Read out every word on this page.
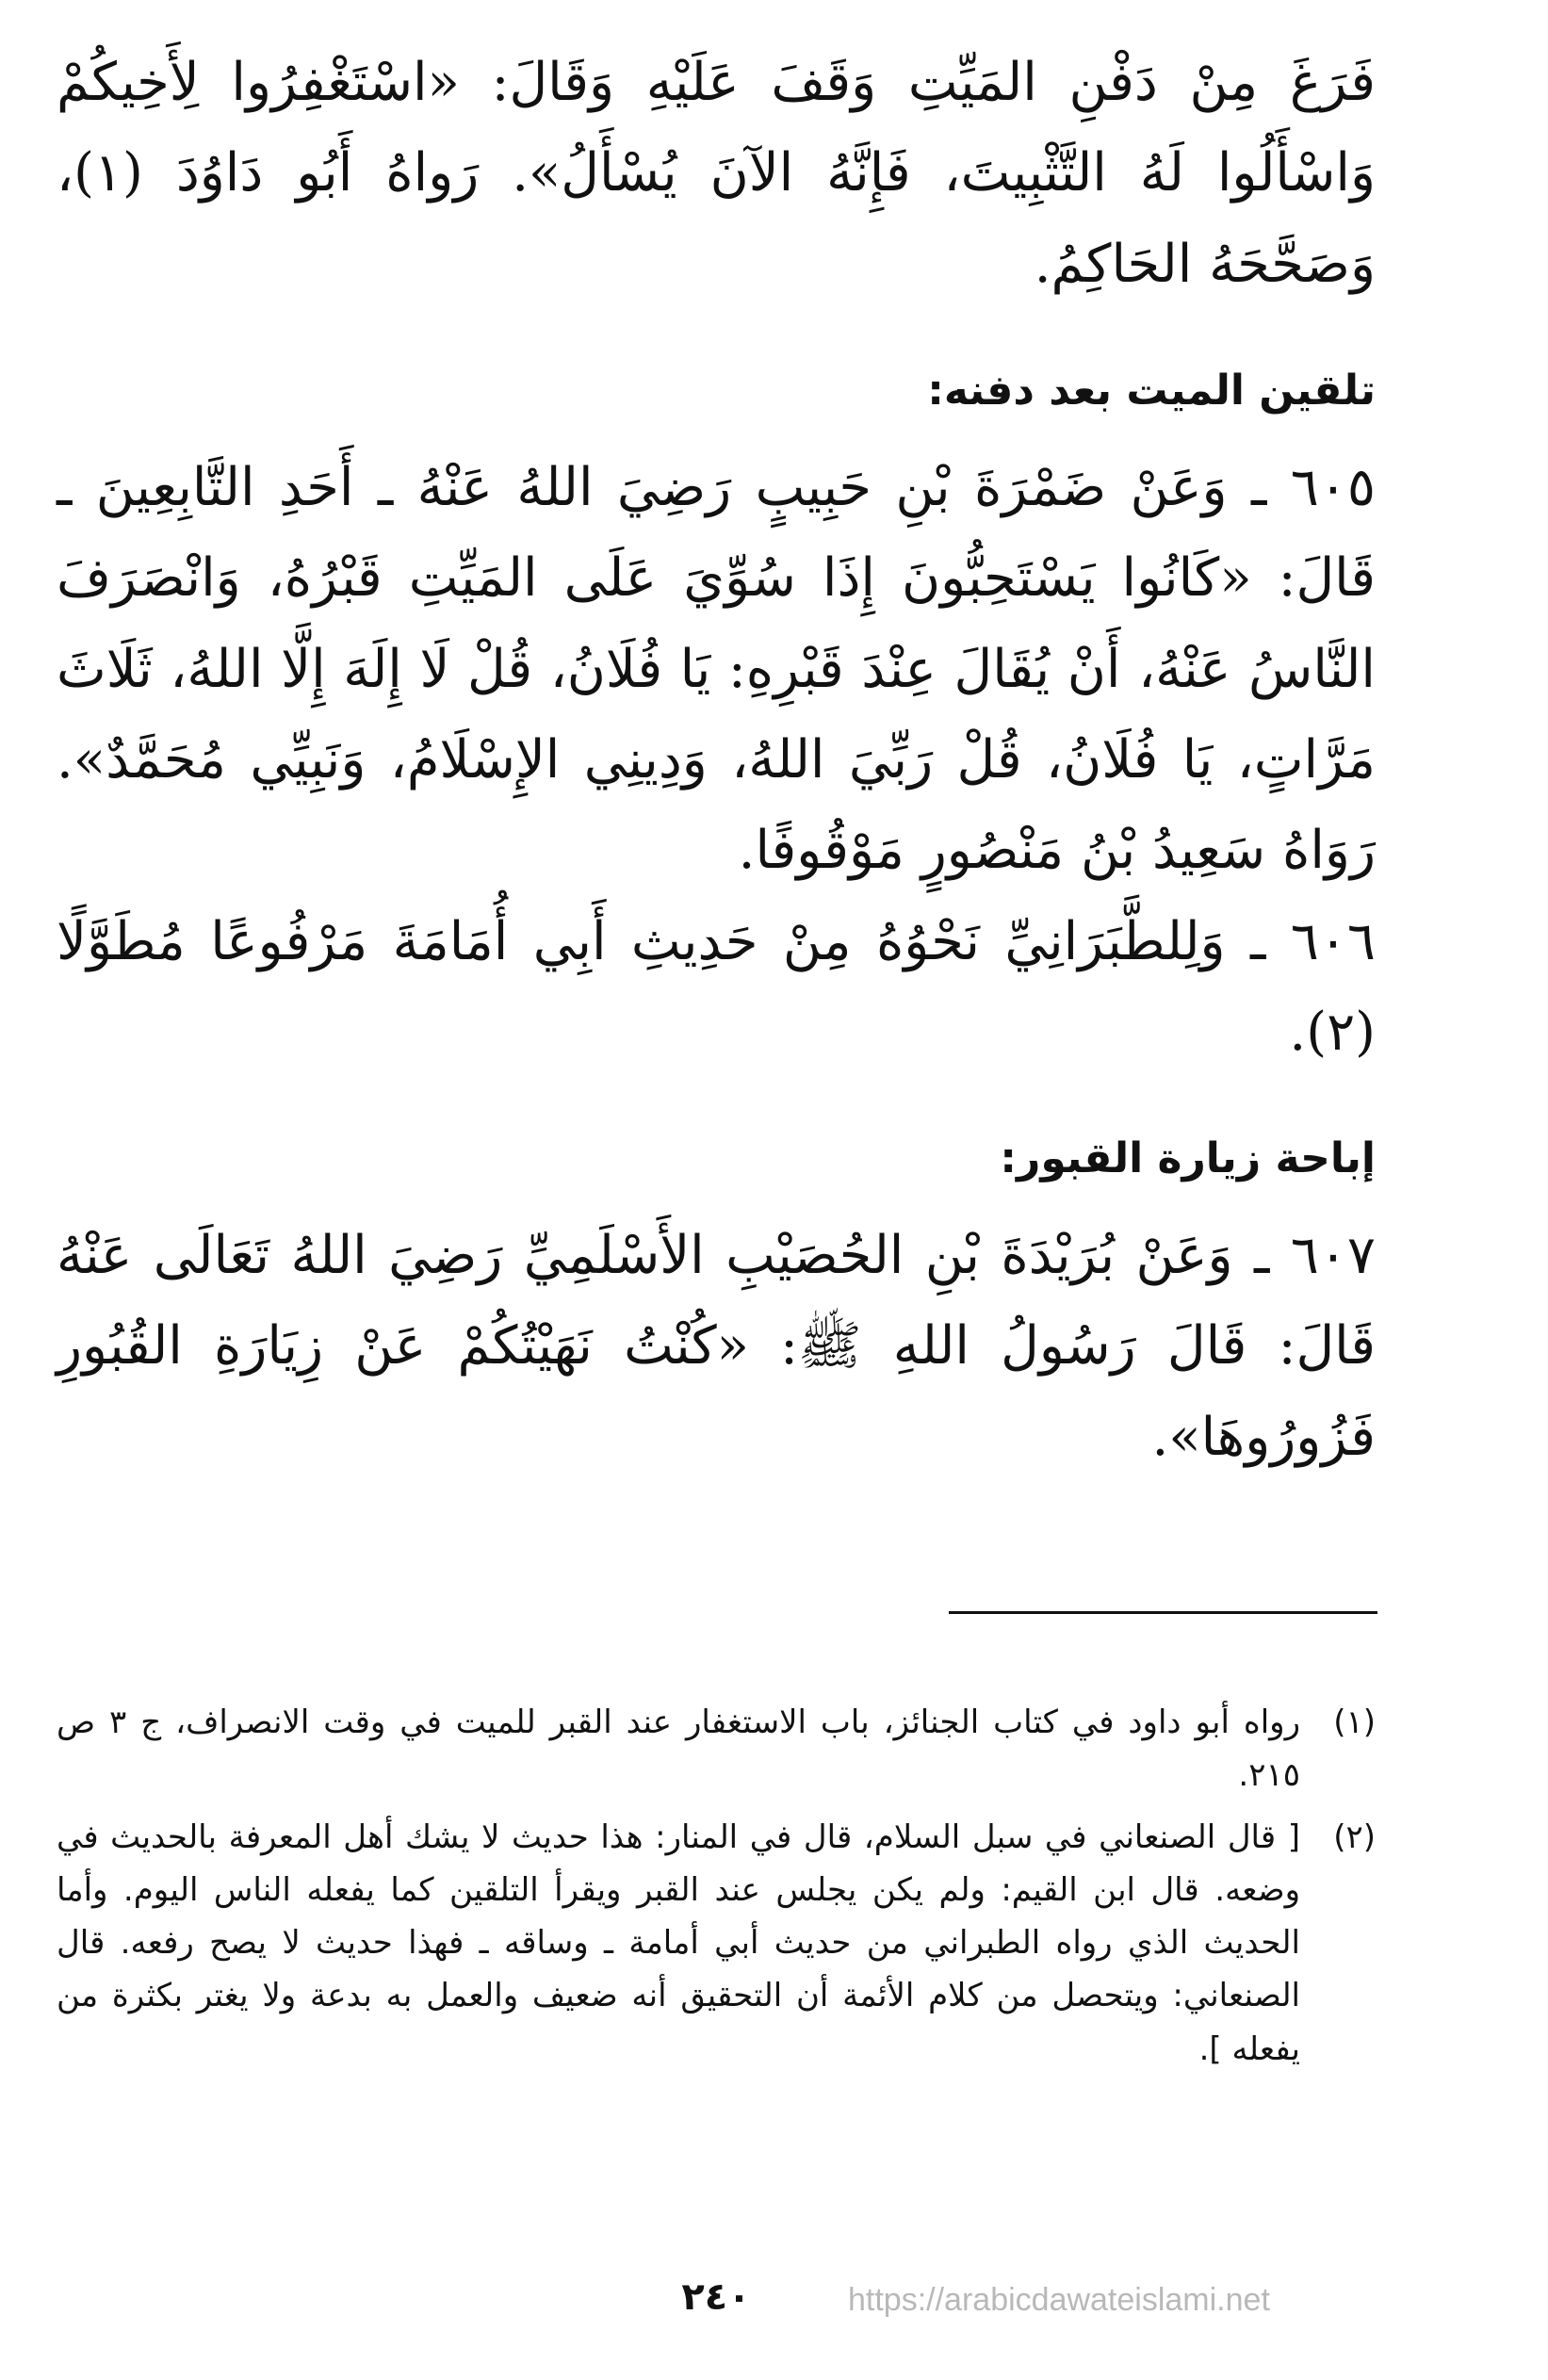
فَرَغَ مِنْ دَفْنِ المَيِّتِ وَقَفَ عَلَيْهِ وَقَالَ: «اسْتَغْفِرُوا لِأَخِيكُمْ وَاسْأَلُوا لَهُ التَّثْبِيتَ، فَإِنَّهُ الآنَ يُسْأَلُ». رَواهُ أَبُو دَاوُدَ (١)، وَصَحَّحَهُ الحَاكِمُ.

تلقين الميت بعد دفنه:

٦٠٥ ـ وَعَنْ ضَمْرَةَ بْنِ حَبِيبٍ رَضِيَ اللهُ عَنْهُ ـ أَحَدِ التَّابِعِينَ ـ قَالَ: «كَانُوا يَسْتَحِبُّونَ إِذَا سُوِّيَ عَلَى المَيِّتِ قَبْرُهُ، وَانْصَرَفَ النَّاسُ عَنْهُ، أَنْ يُقَالَ عِنْدَ قَبْرِهِ: يَا فُلَانُ، قُلْ لَا إِلَهَ إِلَّا اللهُ، ثَلَاثَ مَرَّاتٍ، يَا فُلَانُ، قُلْ رَبِّيَ اللهُ، وَدِينِي الإِسْلَامُ، وَنَبِيِّي مُحَمَّدٌ». رَوَاهُ سَعِيدُ بْنُ مَنْصُورٍ مَوْقُوفًا.

٦٠٦ ـ وَلِلطَّبَرَانِيِّ نَحْوُهُ مِنْ حَدِيثِ أَبِي أُمَامَةَ مَرْفُوعًا مُطَوَّلًا (٢).

إباحة زيارة القبور:

٦٠٧ ـ وَعَنْ بُرَيْدَةَ بْنِ الحُصَيْبِ الأَسْلَمِيِّ رَضِيَ اللهُ تَعَالَى عَنْهُ قَالَ: قَالَ رَسُولُ اللهِ ﷺ: «كُنْتُ نَهَيْتُكُمْ عَنْ زِيَارَةِ القُبُورِ فَزُورُوهَا».

(١)
رواه أبو داود في كتاب الجنائز، باب الاستغفار عند القبر للميت في وقت الانصراف، ج ٣ ص ٢١٥.
(٢)
[ قال الصنعاني في سبل السلام، قال في المنار: هذا حديث لا يشك أهل المعرفة بالحديث في وضعه. قال ابن القيم: ولم يكن يجلس عند القبر ويقرأ التلقين كما يفعله الناس اليوم. وأما الحديث الذي رواه الطبراني من حديث أبي أمامة ـ وساقه ـ فهذا حديث لا يصح رفعه. قال الصنعاني: ويتحصل من كلام الأئمة أن التحقيق أنه ضعيف والعمل به بدعة ولا يغتر بكثرة من يفعله ].
٢٤٠	https://arabicdawateislami.net
